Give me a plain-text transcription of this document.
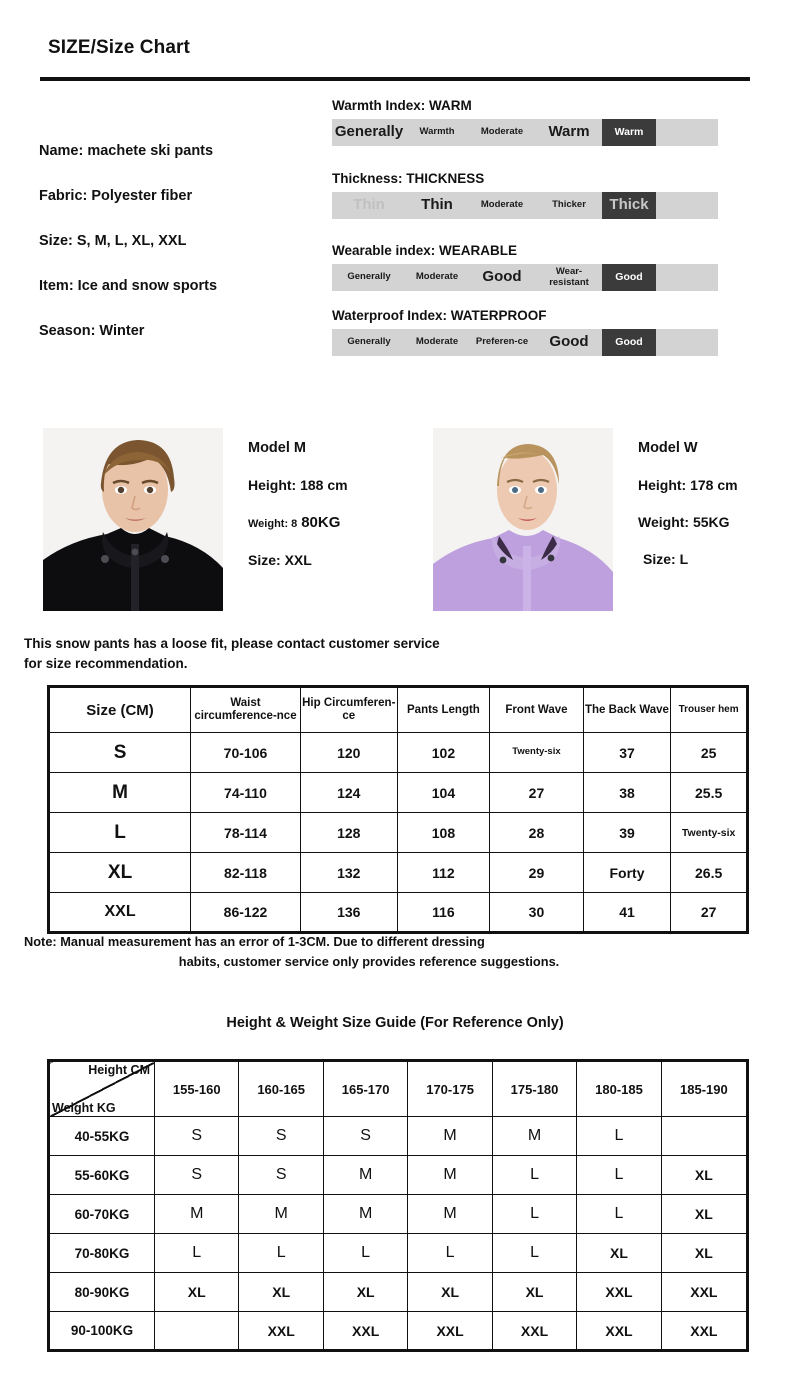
SIZE/Size Chart
Name: machete ski pants
Fabric: Polyester fiber
Size: S, M, L, XL, XXL
Item: Ice and snow sports
Season: Winter
Warmth Index: WARM
Generally	Warmth	Moderate	Warm	Warm
Thickness: THICKNESS
Thin	Thin	Moderate	Thicker	Thick
Wearable index: WEARABLE
Generally	Moderate	Good	Wear-resistant	Good
Waterproof Index: WATERPROOF
Generally	Moderate	Preferen-ce	Good	Good
Model M
Height: 188 cm
Weight: 8 80KG
Size: XXL
Model W
Height: 178 cm
Weight: 55KG
Size: L
This snow pants has a loose fit, please contact customer service for size recommendation.
Size (CM)	Waist circumference-nce	Hip Circumferen-ce	Pants Length	Front Wave	The Back Wave	Trouser hem
S	70-106	120	102	Twenty-six	37	25
M	74-110	124	104	27	38	25.5
L	78-114	128	108	28	39	Twenty-six
XL	82-118	132	112	29	Forty	26.5
XXL	86-122	136	116	30	41	27
Note: Manual measurement has an error of 1-3CM. Due to different dressing
habits, customer service only provides reference suggestions.
Height & Weight Size Guide (For Reference Only)
Height CM
Weight KG	155-160	160-165	165-170	170-175	175-180	180-185	185-190
40-55KG	S	S	S	M	M	L	
55-60KG	S	S	M	M	L	L	XL
60-70KG	M	M	M	M	L	L	XL
70-80KG	L	L	L	L	L	XL	XL
80-90KG	XL	XL	XL	XL	XL	XXL	XXL
90-100KG		XXL	XXL	XXL	XXL	XXL	XXL
